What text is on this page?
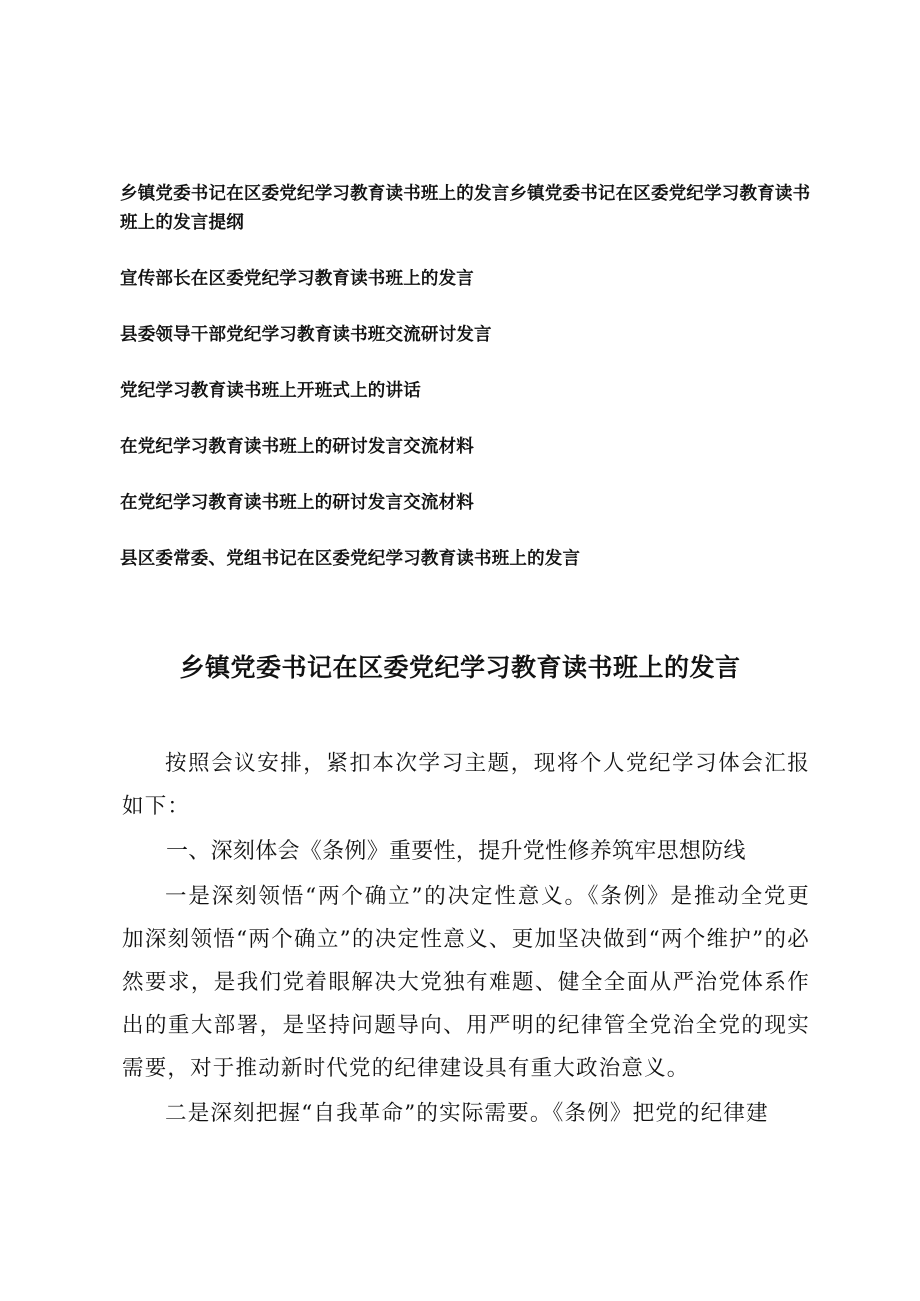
乡镇党委书记在区委党纪学习教育读书班上的发言乡镇党委书记在区委党纪学习教育读书班上的发言提纲
宣传部长在区委党纪学习教育读书班上的发言
县委领导干部党纪学习教育读书班交流研讨发言
党纪学习教育读书班上开班式上的讲话
在党纪学习教育读书班上的研讨发言交流材料
在党纪学习教育读书班上的研讨发言交流材料
县区委常委、党组书记在区委党纪学习教育读书班上的发言
乡镇党委书记在区委党纪学习教育读书班上的发言

按照会议安排，紧扣本次学习主题，现将个人党纪学习体会汇报如下：

一、深刻体会《条例》重要性，提升党性修养筑牢思想防线

一是深刻领悟“两个确立”的决定性意义。《条例》是推动全党更加深刻领悟“两个确立”的决定性意义、更加坚决做到“两个维护”的必然要求，是我们党着眼解决大党独有难题、健全全面从严治党体系作出的重大部署，是坚持问题导向、用严明的纪律管全党治全党的现实需要，对于推动新时代党的纪律建设具有重大政治意义。

二是深刻把握“自我革命”的实际需要。《条例》把党的纪律建
